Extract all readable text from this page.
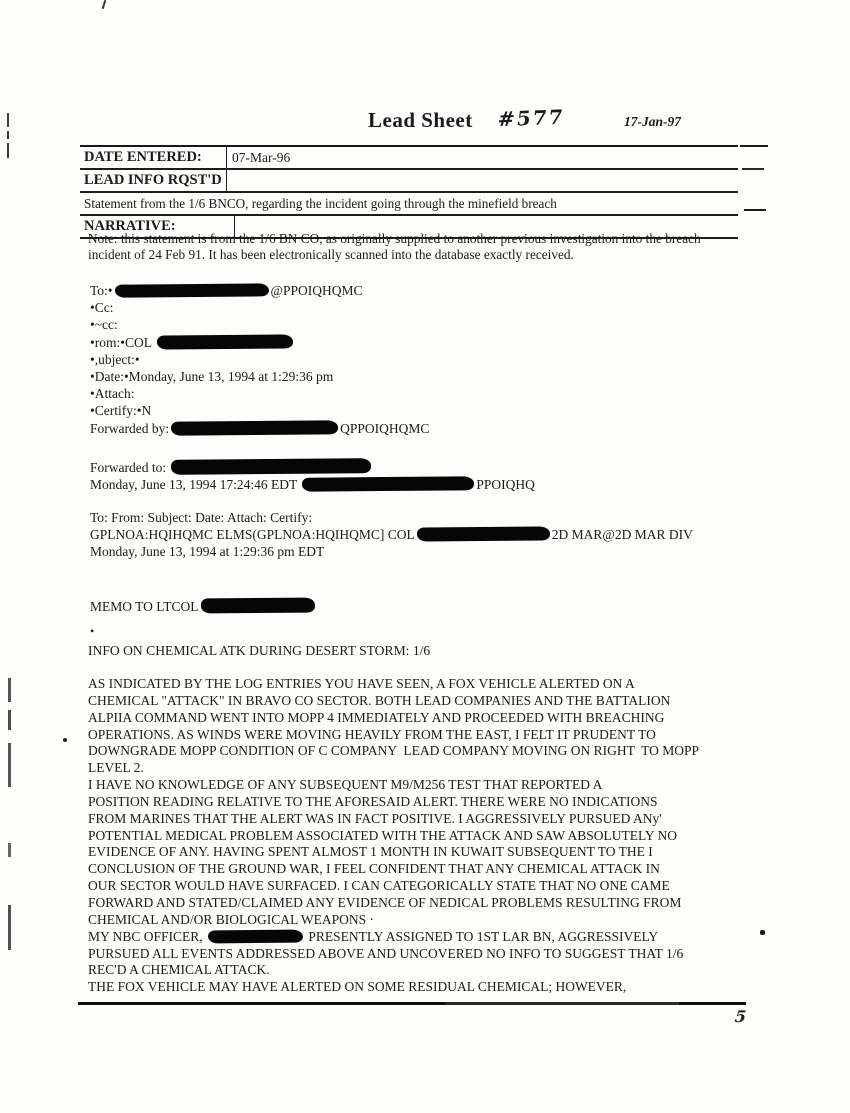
Lead Sheet #577	17-Jan-97
DATE ENTERED:	07-Mar-96
LEAD INFO RQST'D
Statement from the 1/6 BNCO, regarding the incident going through the minefield breach
NARRATIVE:
Note: this statement is from the 1/6 BN CO, as originally supplied to another previous investigation into the breach incident of 24 Feb 91. It has been electronically scanned into the database exactly received.
To:•	@PPOIQHQMC
•Cc:
•~cc:
•rom:•COL
•,ubject:•
•Date:•Monday, June 13, 1994 at 1:29:36 pm
•Attach:
•Certify:•N
Forwarded by:	QPPOIQHQMC
Forwarded to:
Monday, June 13, 1994 17:24:46 EDT	PPOIQHQ
To: From: Subject: Date: Attach: Certify:
GPLNOA:HQIHQMC ELMS(GPLNOA:HQIHQMC] COL	2D MAR@2D MAR DIV
Monday, June 13, 1994 at 1:29:36 pm EDT
MEMO TO LTCOL
•
INFO ON CHEMICAL ATK DURING DESERT STORM: 1/6
AS INDICATED BY THE LOG ENTRIES YOU HAVE SEEN, A FOX VEHICLE ALERTED ON A
CHEMICAL "ATTACK" IN BRAVO CO SECTOR. BOTH LEAD COMPANIES AND THE BATTALION
ALPIIA COMMAND WENT INTO MOPP 4 IMMEDIATELY AND PROCEEDED WITH BREACHING
OPERATIONS. AS WINDS WERE MOVING HEAVILY FROM THE EAST, I FELT IT PRUDENT TO
DOWNGRADE MOPP CONDITION OF C COMPANY  LEAD COMPANY MOVING ON RIGHT  TO MOPP
LEVEL 2.
I HAVE NO KNOWLEDGE OF ANY SUBSEQUENT M9/M256 TEST THAT REPORTED A
POSITION READING RELATIVE TO THE AFORESAID ALERT. THERE WERE NO INDICATIONS
FROM MARINES THAT THE ALERT WAS IN FACT POSITIVE. I AGGRESSIVELY PURSUED ANy'
POTENTIAL MEDICAL PROBLEM ASSOCIATED WITH THE ATTACK AND SAW ABSOLUTELY NO
EVIDENCE OF ANY. HAVING SPENT ALMOST 1 MONTH IN KUWAIT SUBSEQUENT TO THE I
CONCLUSION OF THE GROUND WAR, I FEEL CONFIDENT THAT ANY CHEMICAL ATTACK IN
OUR SECTOR WOULD HAVE SURFACED. I CAN CATEGORICALLY STATE THAT NO ONE CAME
FORWARD AND STATED/CLAIMED ANY EVIDENCE OF NEDICAL PROBLEMS RESULTING FROM
CHEMICAL AND/OR BIOLOGICAL WEAPONS ·
MY NBC OFFICER,	PRESENTLY ASSIGNED TO 1ST LAR BN, AGGRESSIVELY
PURSUED ALL EVENTS ADDRESSED ABOVE AND UNCOVERED NO INFO TO SUGGEST THAT 1/6
REC'D A CHEMICAL ATTACK.
THE FOX VEHICLE MAY HAVE ALERTED ON SOME RESIDUAL CHEMICAL; HOWEVER,
5
